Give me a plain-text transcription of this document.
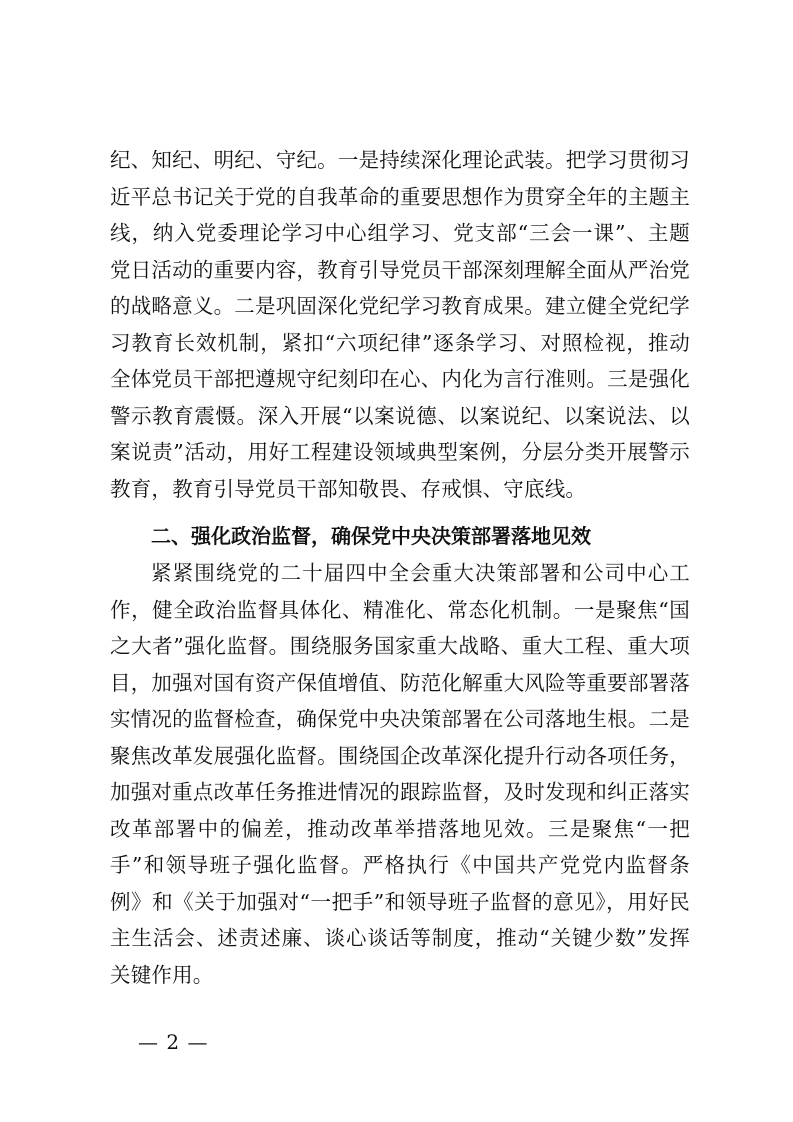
纪、知纪、明纪、守纪。一是持续深化理论武装。把学习贯彻习近平总书记关于党的自我革命的重要思想作为贯穿全年的主题主线，纳入党委理论学习中心组学习、党支部“三会一课”、主题党日活动的重要内容，教育引导党员干部深刻理解全面从严治党的战略意义。二是巩固深化党纪学习教育成果。建立健全党纪学习教育长效机制，紧扣“六项纪律”逐条学习、对照检视，推动全体党员干部把遵规守纪刻印在心、内化为言行准则。三是强化警示教育震慑。深入开展“以案说德、以案说纪、以案说法、以案说责”活动，用好工程建设领域典型案例，分层分类开展警示教育，教育引导党员干部知敬畏、存戒惧、守底线。

二、强化政治监督，确保党中央决策部署落地见效

紧紧围绕党的二十届四中全会重大决策部署和公司中心工作，健全政治监督具体化、精准化、常态化机制。一是聚焦“国之大者”强化监督。围绕服务国家重大战略、重大工程、重大项目，加强对国有资产保值增值、防范化解重大风险等重要部署落实情况的监督检查，确保党中央决策部署在公司落地生根。二是聚焦改革发展强化监督。围绕国企改革深化提升行动各项任务，加强对重点改革任务推进情况的跟踪监督，及时发现和纠正落实改革部署中的偏差，推动改革举措落地见效。三是聚焦“一把手”和领导班子强化监督。严格执行《中国共产党党内监督条例》和《关于加强对“一把手”和领导班子监督的意见》，用好民主生活会、述责述廉、谈心谈话等制度，推动“关键少数”发挥关键作用。

— 2 —
